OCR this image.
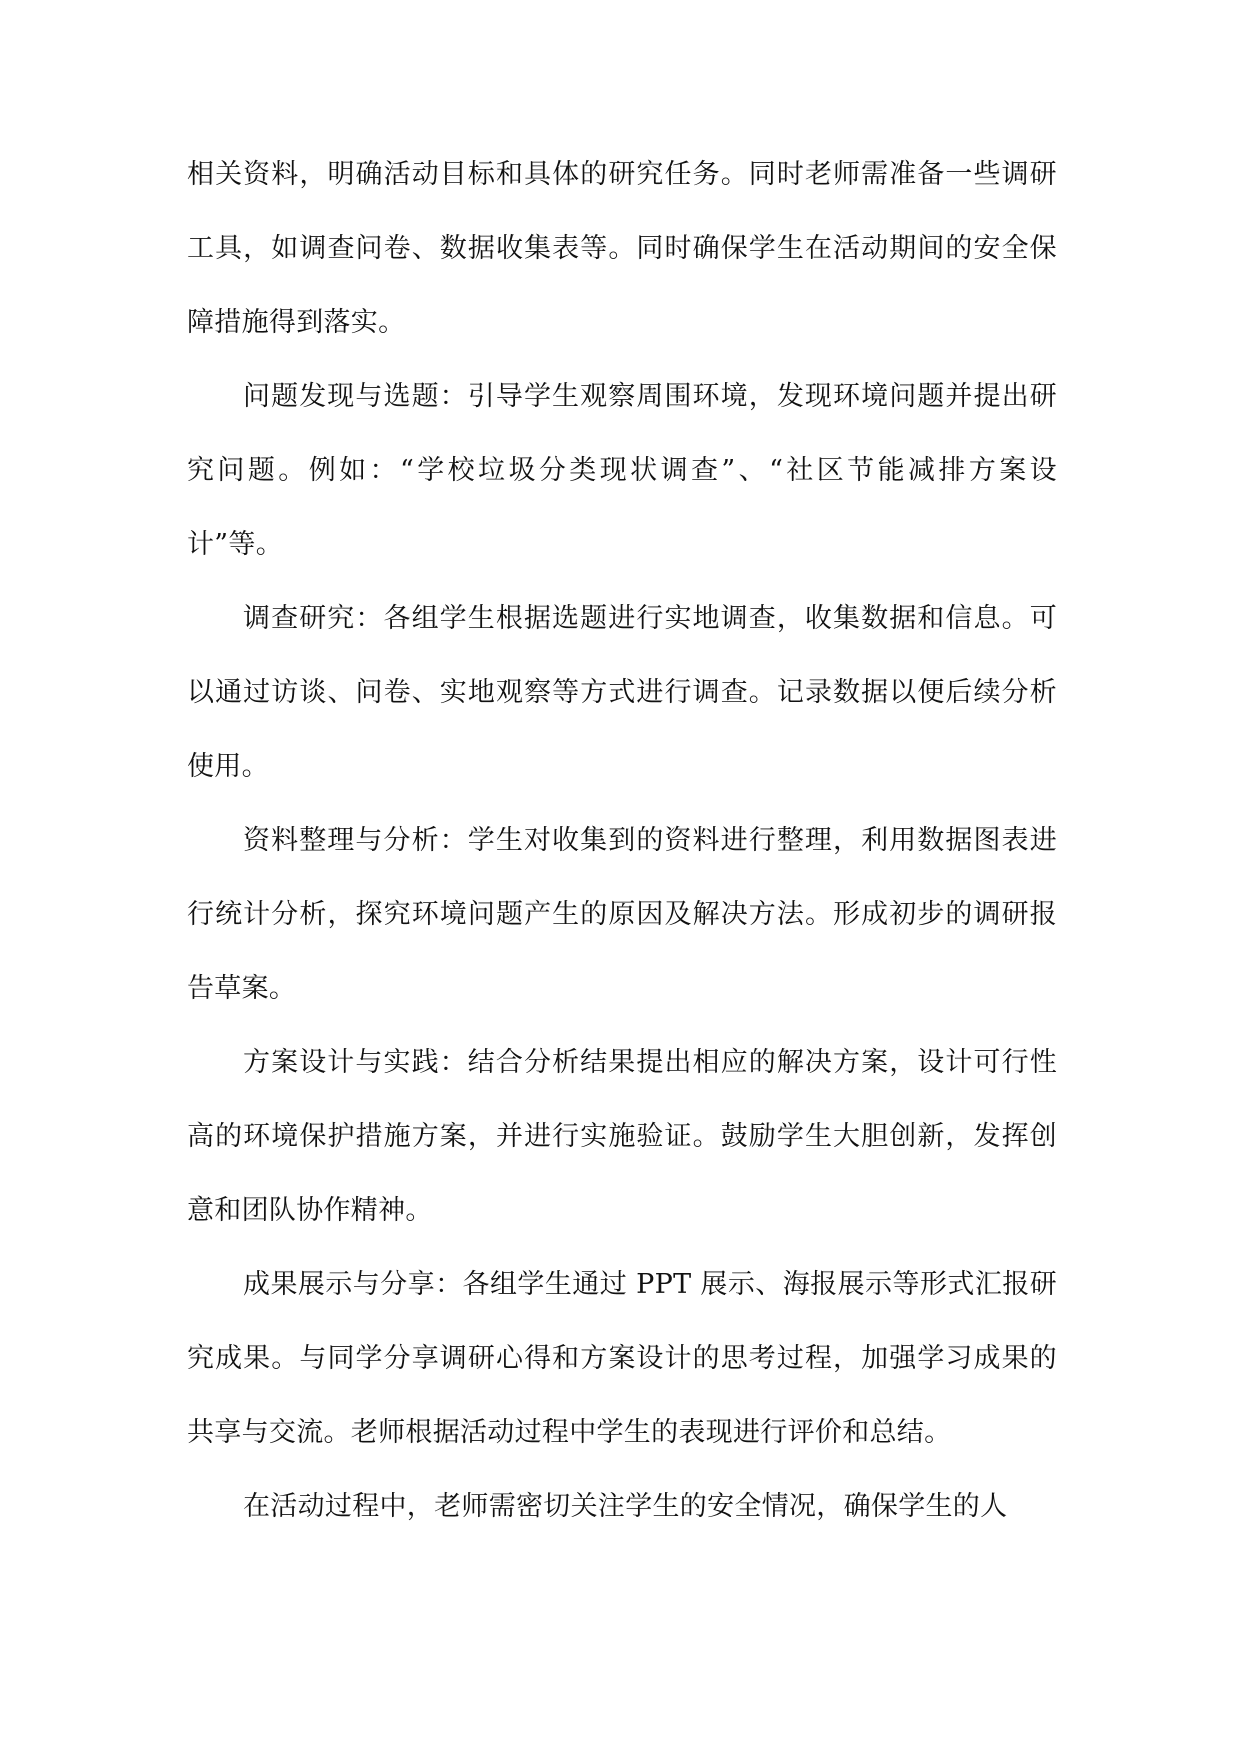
相关资料，明确活动目标和具体的研究任务。同时老师需准备一些调研工具，如调查问卷、数据收集表等。同时确保学生在活动期间的安全保障措施得到落实。

问题发现与选题：引导学生观察周围环境，发现环境问题并提出研究问题。例如：“学校垃圾分类现状调查”、“社区节能减排方案设计”等。

调查研究：各组学生根据选题进行实地调查，收集数据和信息。可以通过访谈、问卷、实地观察等方式进行调查。记录数据以便后续分析使用。

资料整理与分析：学生对收集到的资料进行整理，利用数据图表进行统计分析，探究环境问题产生的原因及解决方法。形成初步的调研报告草案。

方案设计与实践：结合分析结果提出相应的解决方案，设计可行性高的环境保护措施方案，并进行实施验证。鼓励学生大胆创新，发挥创意和团队协作精神。

成果展示与分享：各组学生通过 PPT 展示、海报展示等形式汇报研究成果。与同学分享调研心得和方案设计的思考过程，加强学习成果的共享与交流。老师根据活动过程中学生的表现进行评价和总结。

在活动过程中，老师需密切关注学生的安全情况，确保学生的人
